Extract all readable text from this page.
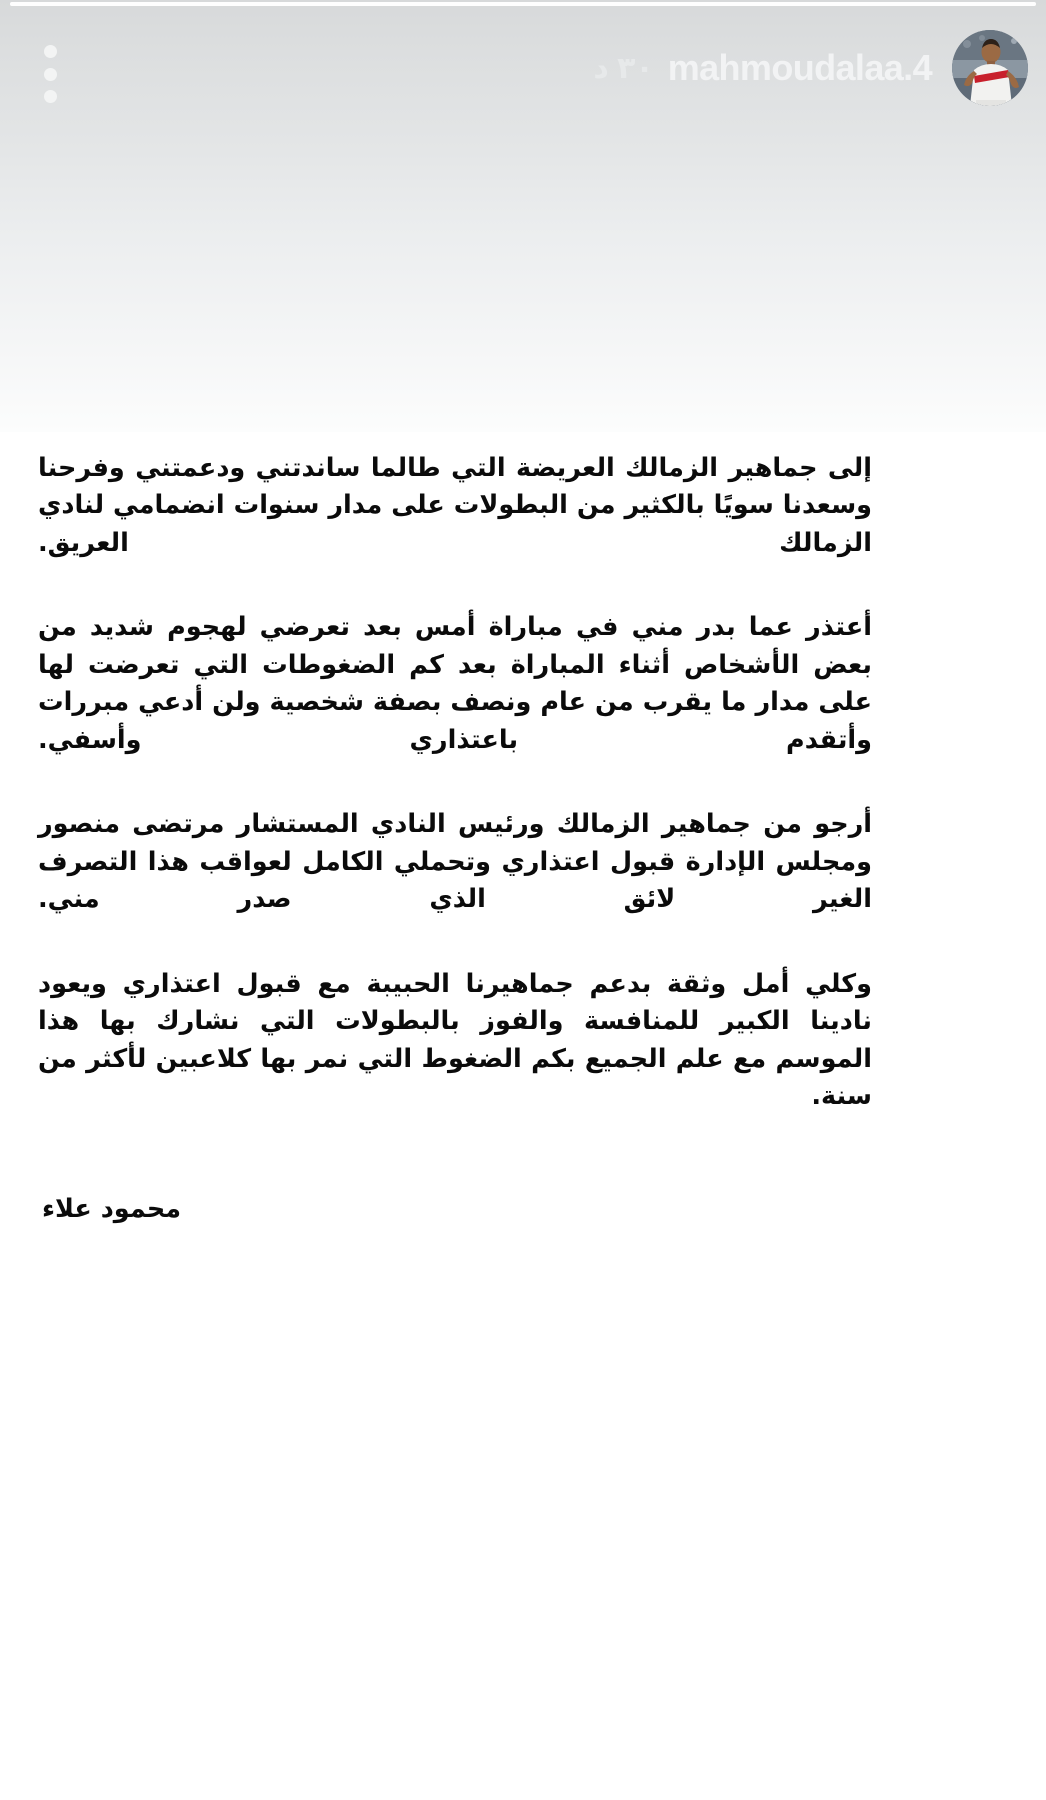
٣٠ د mahmoudalaa.4

إلى جماهير الزمالك العريضة التي طالما ساندتني ودعمتني وفرحنا وسعدنا سويًا بالكثير من البطولات على مدار سنوات انضمامي لنادي الزمالك العريق.

أعتذر عما بدر مني في مباراة أمس بعد تعرضي لهجوم شديد من بعض الأشخاص أثناء المباراة بعد كم الضغوطات التي تعرضت لها على مدار ما يقرب من عام ونصف بصفة شخصية ولن أدعي مبررات وأتقدم باعتذاري وأسفي.

أرجو من جماهير الزمالك ورئيس النادي المستشار مرتضى منصور ومجلس الإدارة قبول اعتذاري وتحملي الكامل لعواقب هذا التصرف الغير لائق الذي صدر مني.

وكلي أمل وثقة بدعم جماهيرنا الحبيبة مع قبول اعتذاري ويعود نادينا الكبير للمنافسة والفوز بالبطولات التي نشارك بها هذا الموسم مع علم الجميع بكم الضغوط التي نمر بها كلاعبين لأكثر من سنة.

محمود علاء
